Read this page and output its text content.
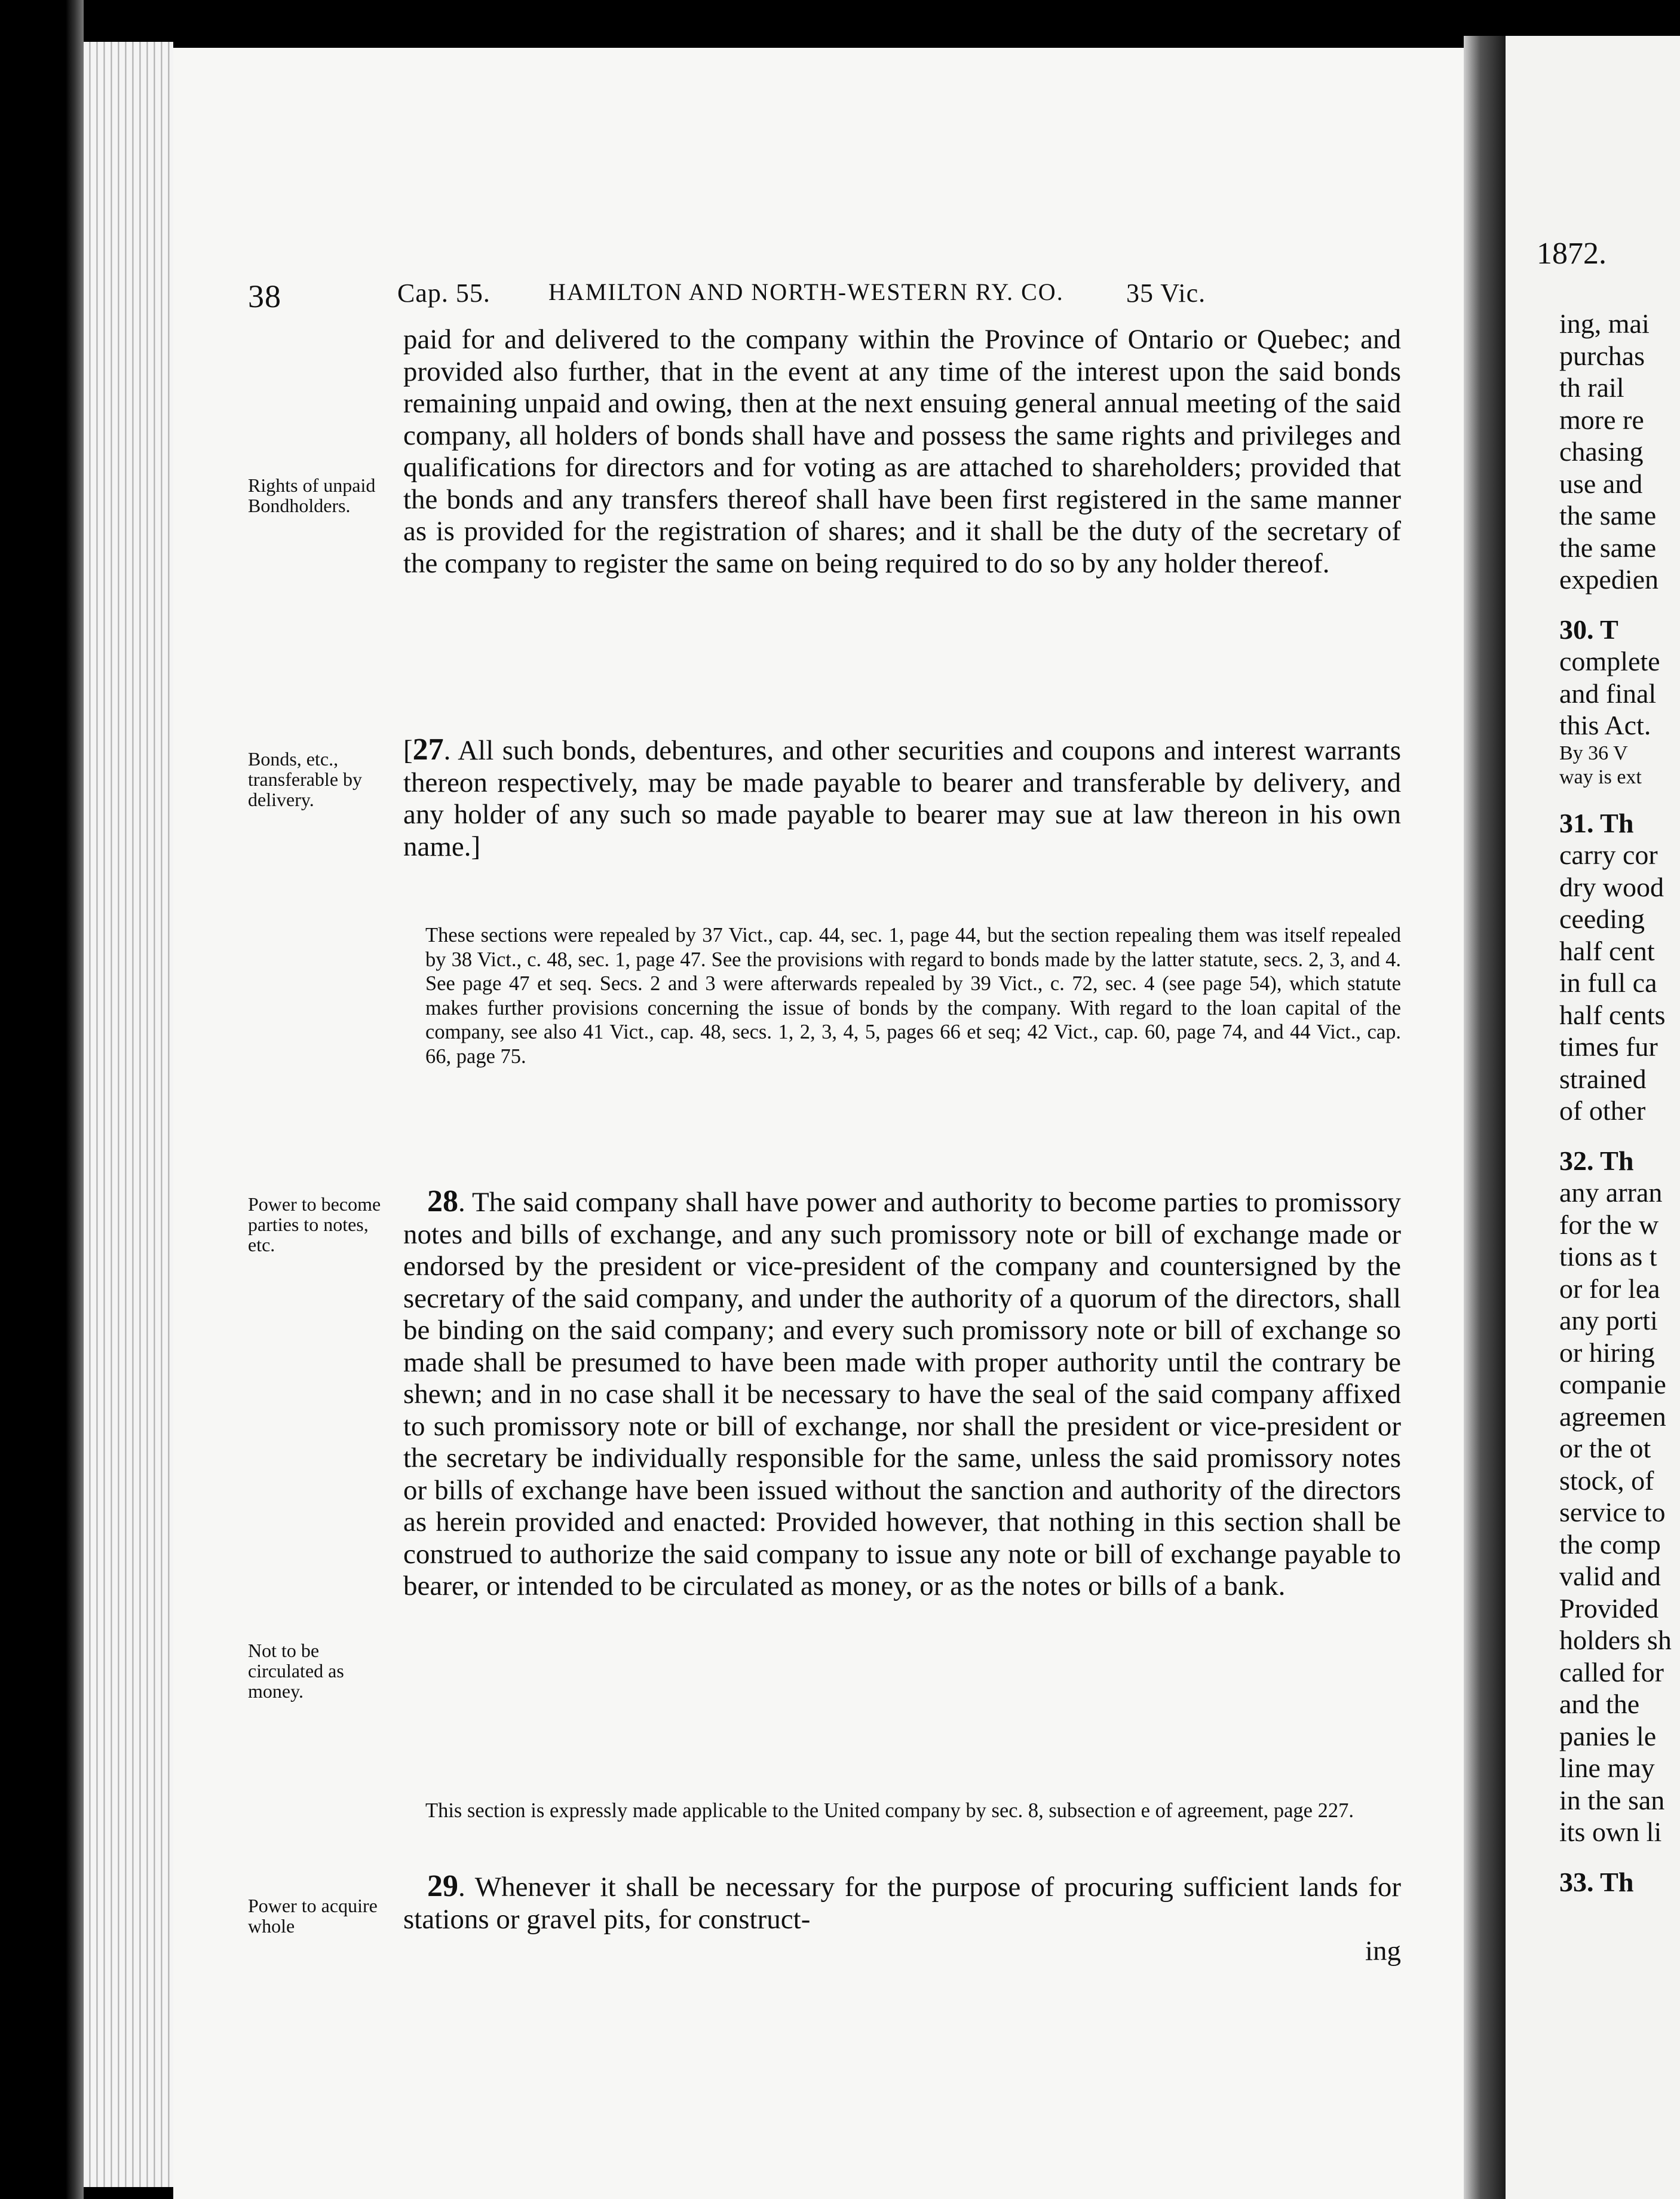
38	Cap. 55. HAMILTON AND NORTH-WESTERN RY. CO. 35 Vic.
Rights of unpaid Bondholders.
Bonds, etc., transferable by delivery.
Power to become parties to notes, etc.
Not to be circulated as money.
Power to acquire whole

paid for and delivered to the company within the Province of Ontario or Quebec; and provided also further, that in the event at any time of the interest upon the said bonds remaining unpaid and owing, then at the next ensuing general annual meeting of the said company, all holders of bonds shall have and possess the same rights and privileges and qualifications for directors and for voting as are attached to shareholders; provided that the bonds and any transfers thereof shall have been first registered in the same manner as is provided for the registration of shares; and it shall be the duty of the secretary of the company to register the same on being required to do so by any holder thereof.

[27. All such bonds, debentures, and other securities and coupons and interest warrants thereon respectively, may be made payable to bearer and transferable by delivery, and any holder of any such so made payable to bearer may sue at law thereon in his own name.]

These sections were repealed by 37 Vict., cap. 44, sec. 1, page 44, but the section repealing them was itself repealed by 38 Vict., c. 48, sec. 1, page 47. See the provisions with regard to bonds made by the latter statute, secs. 2, 3, and 4. See page 47 et seq. Secs. 2 and 3 were afterwards repealed by 39 Vict., c. 72, sec. 4 (see page 54), which statute makes further provisions concerning the issue of bonds by the company. With regard to the loan capital of the company, see also 41 Vict., cap. 48, secs. 1, 2, 3, 4, 5, pages 66 et seq; 42 Vict., cap. 60, page 74, and 44 Vict., cap. 66, page 75.

28. The said company shall have power and authority to become parties to promissory notes and bills of exchange, and any such promissory note or bill of exchange made or endorsed by the president or vice-president of the company and countersigned by the secretary of the said company, and under the authority of a quorum of the directors, shall be binding on the said company; and every such promissory note or bill of exchange so made shall be presumed to have been made with proper authority until the contrary be shewn; and in no case shall it be necessary to have the seal of the said company affixed to such promissory note or bill of exchange, nor shall the president or vice-president or the secretary be individually responsible for the same, unless the said promissory notes or bills of exchange have been issued without the sanction and authority of the directors as herein provided and enacted: Provided however, that nothing in this section shall be construed to authorize the said company to issue any note or bill of exchange payable to bearer, or intended to be circulated as money, or as the notes or bills of a bank.

This section is expressly made applicable to the United company by sec. 8, subsection e of agreement, page 227.

29. Whenever it shall be necessary for the purpose of procuring sufficient lands for stations or gravel pits, for construct-

ing

1872.
ing, mai
purchas
th rail
more re
chasing
use and
the same
the same
expedien
30. T
complete
and final
this Act.
By 36 V
way is ext
31. Th
carry cor
dry wood
ceeding
half cent
in full ca
half cents
times fur
strained
of other
32. Th
any arran
for the w
tions as t
or for lea
any porti
or hiring
companie
agreemen
or the ot
stock, of
service to
the comp
valid and
Provided
holders sh
called for
and the
panies le
line may
in the san
its own li
33. Th
